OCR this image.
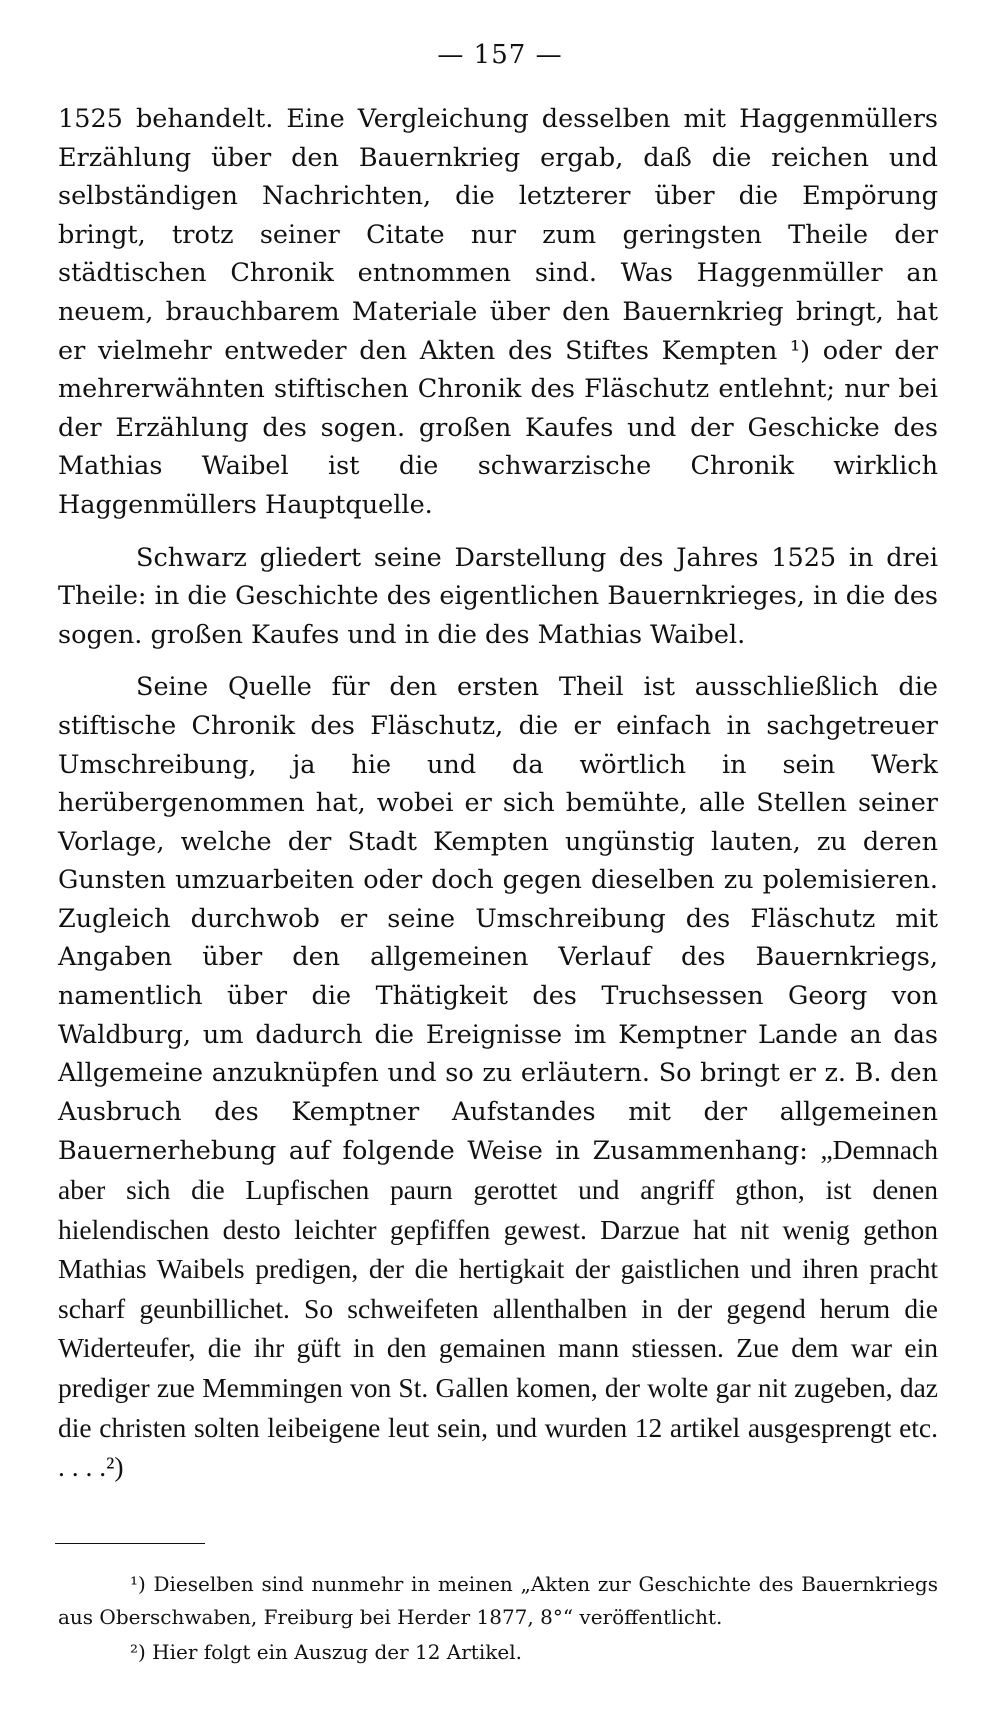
— 157 —

1525 behandelt. Eine Vergleichung desselben mit Haggenmüllers Erzählung über den Bauernkrieg ergab, daß die reichen und selbständigen Nachrichten, die letzterer über die Empörung bringt, trotz seiner Citate nur zum geringsten Theile der städtischen Chronik entnommen sind. Was Haggenmüller an neuem, brauchbarem Materiale über den Bauernkrieg bringt, hat er vielmehr entweder den Akten des Stiftes Kempten ¹) oder der mehrerwähnten stiftischen Chronik des Fläschutz entlehnt; nur bei der Erzählung des sogen. großen Kaufes und der Geschicke des Mathias Waibel ist die schwarzische Chronik wirklich Haggenmüllers Hauptquelle.

Schwarz gliedert seine Darstellung des Jahres 1525 in drei Theile: in die Geschichte des eigentlichen Bauernkrieges, in die des sogen. großen Kaufes und in die des Mathias Waibel.

Seine Quelle für den ersten Theil ist ausschließlich die stiftische Chronik des Fläschutz, die er einfach in sachgetreuer Umschreibung, ja hie und da wörtlich in sein Werk herübergenommen hat, wobei er sich bemühte, alle Stellen seiner Vorlage, welche der Stadt Kempten ungünstig lauten, zu deren Gunsten umzuarbeiten oder doch gegen dieselben zu polemisieren. Zugleich durchwob er seine Umschreibung des Fläschutz mit Angaben über den allgemeinen Verlauf des Bauernkriegs, namentlich über die Thätigkeit des Truchsessen Georg von Waldburg, um dadurch die Ereignisse im Kemptner Lande an das Allgemeine anzuknüpfen und so zu erläutern. So bringt er z. B. den Ausbruch des Kemptner Aufstandes mit der allgemeinen Bauernerhebung auf folgende Weise in Zusammenhang: „Demnach aber sich die Lupfischen paurn gerottet und angriff gthon, ist denen hielendischen desto leichter gepfiffen gewest. Darzue hat nit wenig gethon Mathias Waibels predigen, der die hertigkait der gaistlichen und ihren pracht scharf geunbillichet. So schweifeten allenthalben in der gegend herum die Widerteufer, die ihr güft in den gemainen mann stiessen. Zue dem war ein prediger zue Memmingen von St. Gallen komen, der wolte gar nit zugeben, daz die christen solten leibeigene leut sein, und wurden 12 artikel ausgesprengt etc. . . . .²)

¹) Dieselben sind nunmehr in meinen „Akten zur Geschichte des Bauernkriegs aus Oberschwaben, Freiburg bei Herder 1877, 8°“ veröffentlicht.

²) Hier folgt ein Auszug der 12 Artikel.
